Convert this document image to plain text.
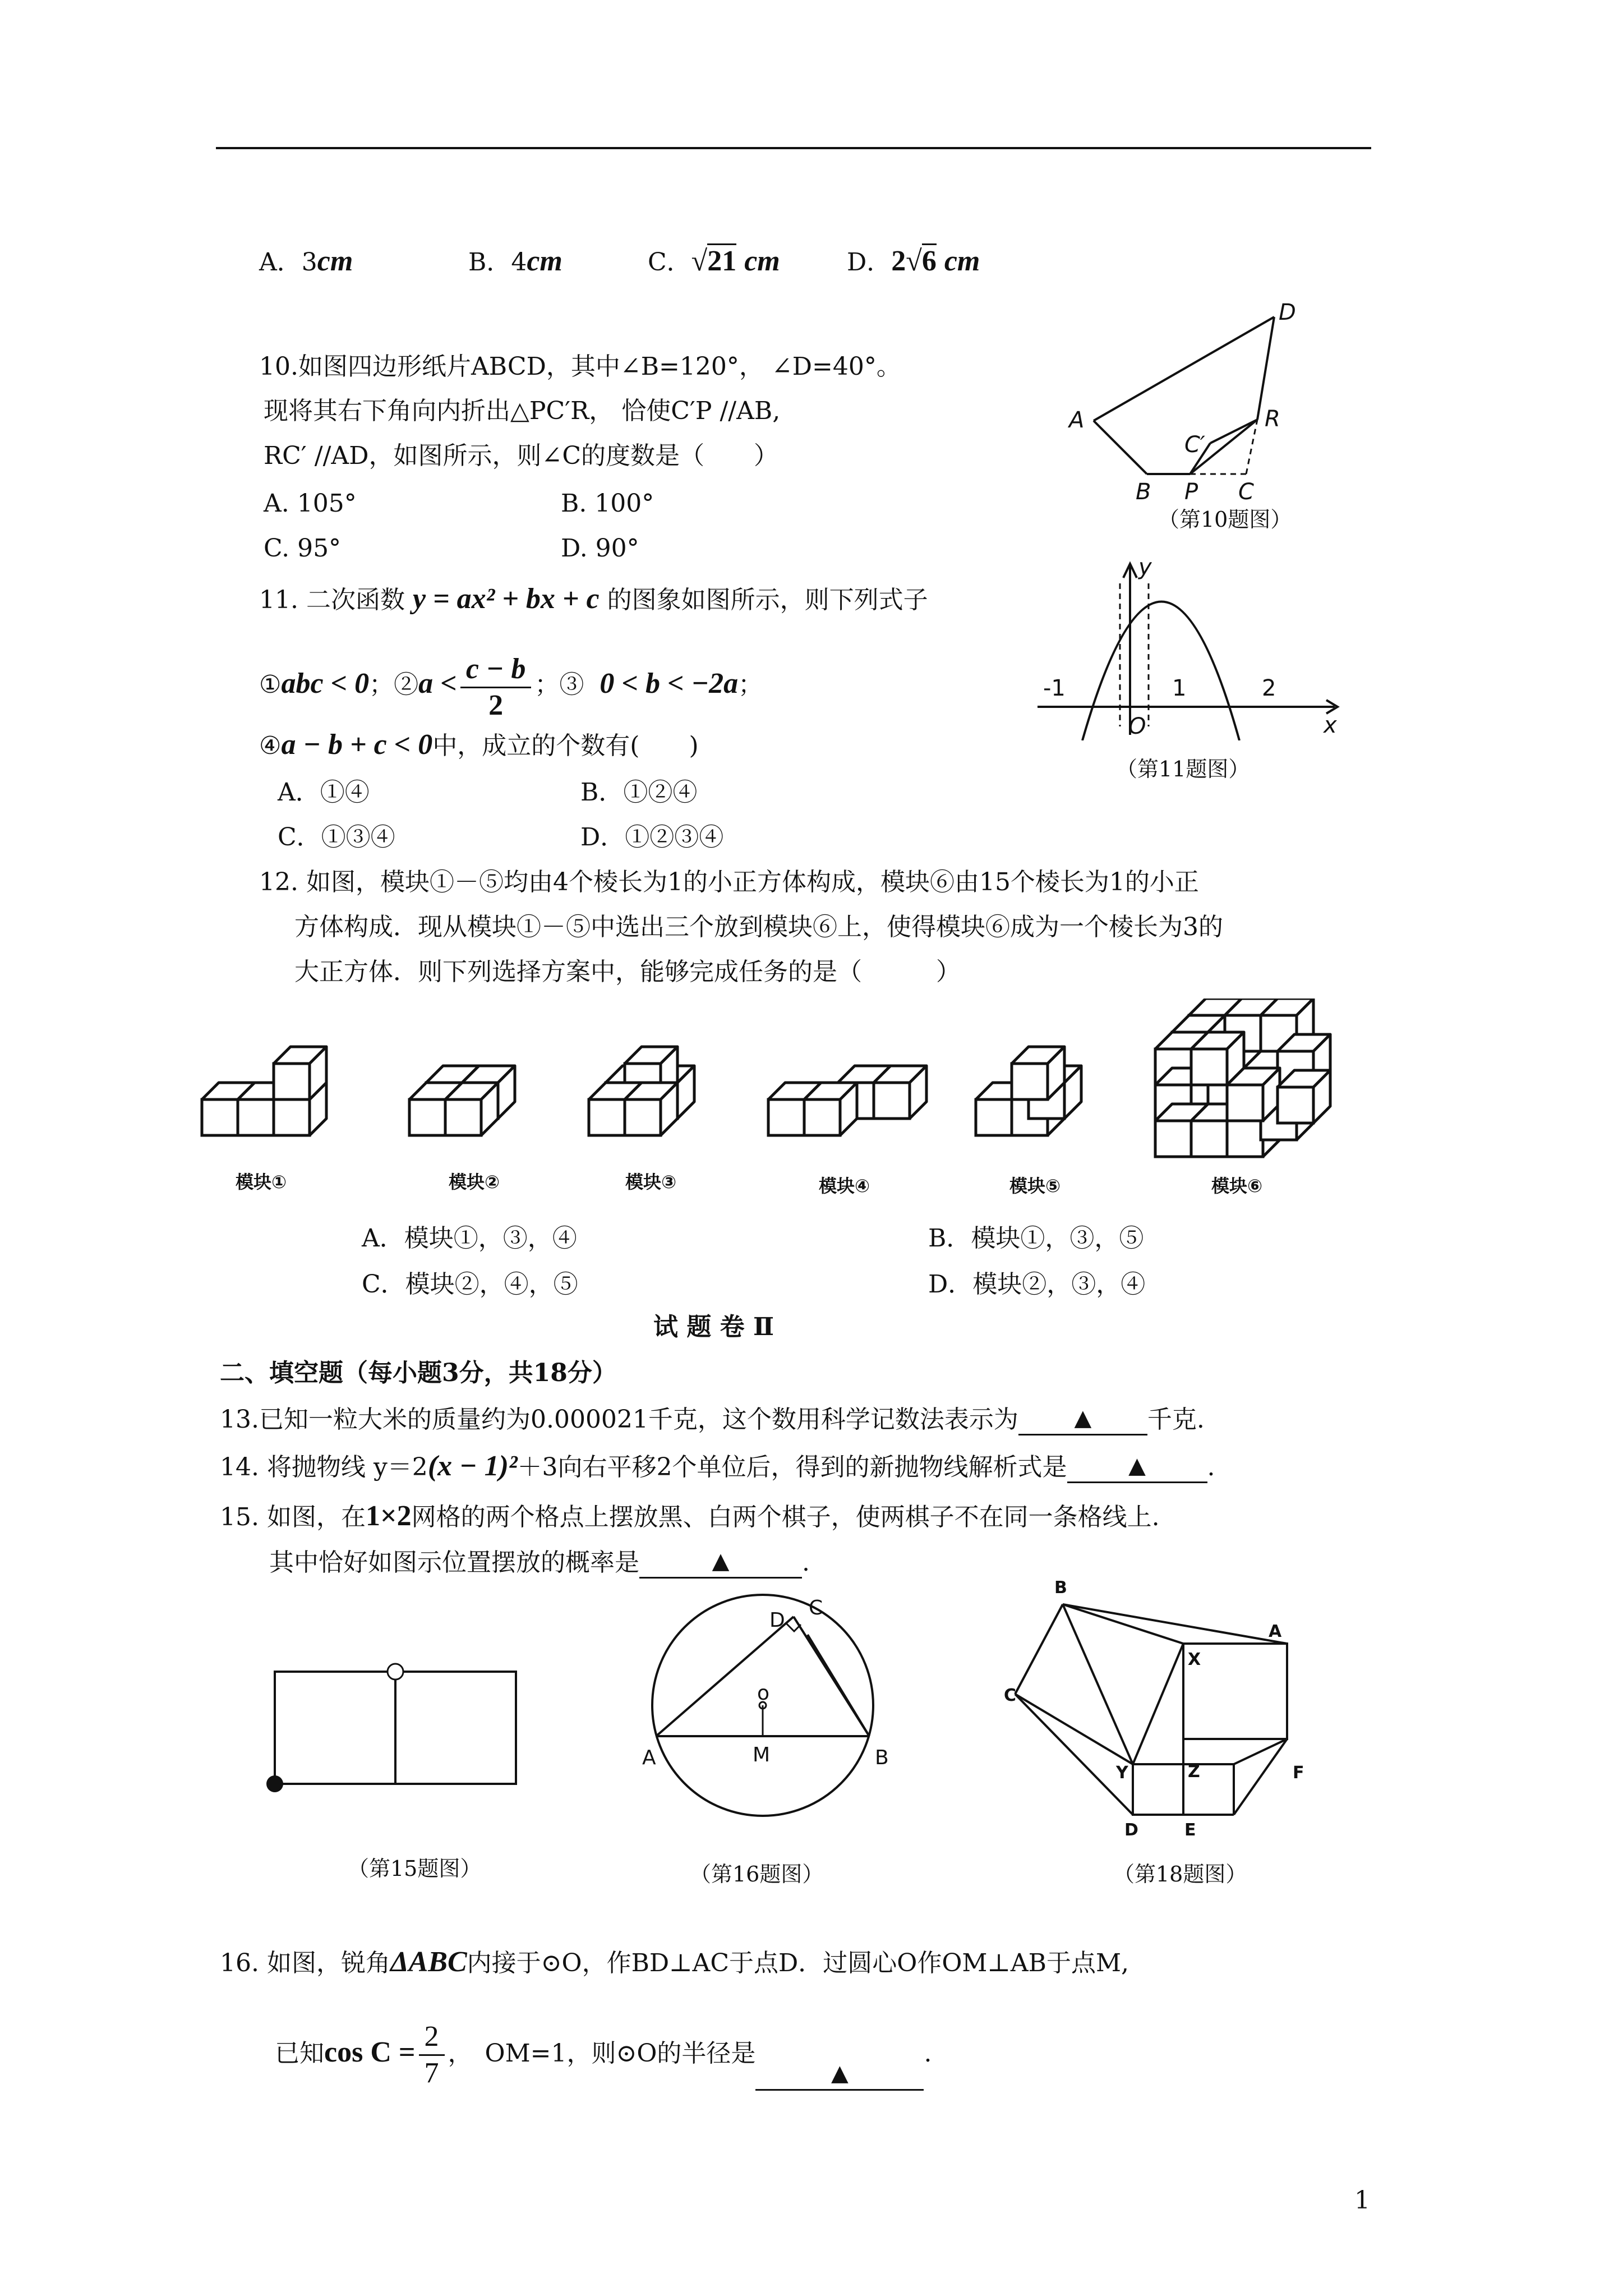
A．3cm	B．4cm	C．√21 cm	D．2√6 cm
10.如图四边形纸片ABCD，其中∠B=120°， ∠D=40°。
现将其右下角向内折出△PC′R， 恰使C′P //AB,
RC′ //AD，如图所示，则∠C的度数是（　　）
A. 105°	B. 100°
C. 95°	D. 90°
A
B	C
D
P
R
C′
（第10题图）
11. 二次函数 y = ax² + bx + c 的图象如图所示，则下列式子
①abc < 0；②a < $\frac{c - b}{2}$ ；③ 0 < b < −2a；
④a − b + c < 0中，成立的个数有(　　)
A．①④	B．①②④
C．①③④	D．①②③④
y
x
O
-1	1	2
（第11题图）
12. 如图，模块①－⑤均由4个棱长为1的小正方体构成，模块⑥由15个棱长为1的小正
方体构成．现从模块①－⑤中选出三个放到模块⑥上，使得模块⑥成为一个棱长为3的
大正方体．则下列选择方案中，能够完成任务的是（　　　）
模块①	模块②	模块③	模块④	模块⑤	模块⑥
A．模块①，③，④	B．模块①，③，⑤
C．模块②，④，⑤	D．模块②，③，④
试 题 卷 Ⅱ
二、填空题（每小题3分，共18分）
13.已知一粒大米的质量约为0.000021千克，这个数用科学记数法表示为 ▲ 千克.
14. 将抛物线 y＝2(x − 1)²＋3向右平移2个单位后，得到的新抛物线解析式是	▲ .
15. 如图，在1×2网格的两个格点上摆放黑、白两个棋子，使两棋子不在同一条格线上.
其中恰好如图示位置摆放的概率是	▲	.
（第15题图）
A	B
C
D
o
M
（第16题图）
B
A
C
X
Y	Z	F
D	E
（第18题图）
16. 如图，锐角ΔABC内接于⊙O，作BD⊥AC于点D．过圆心O作OM⊥AB于点M,
已知$\cos C = \frac{2}{7}$ ，　OM=1，则⊙O的半径是▲.
1
